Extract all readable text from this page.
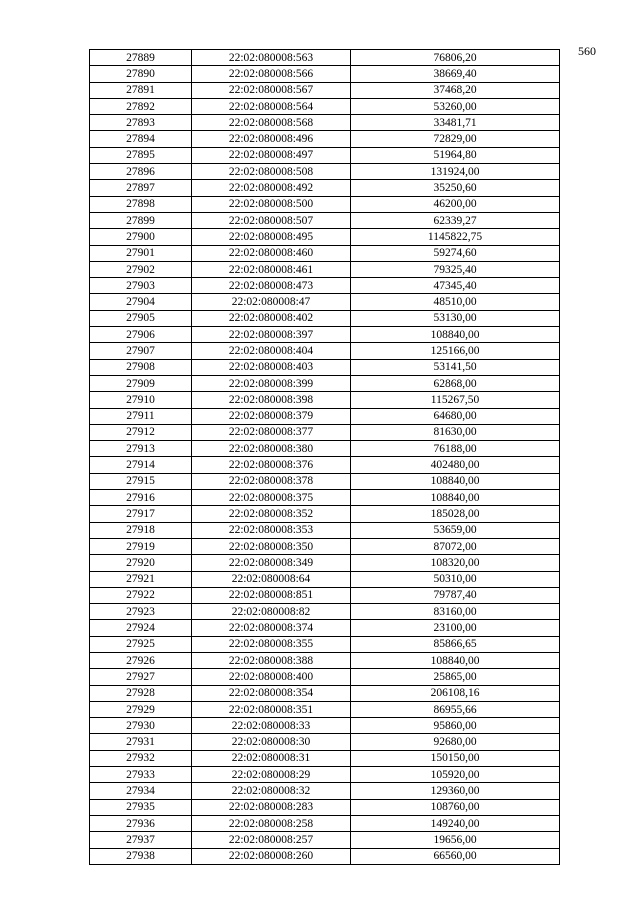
560
27889	22:02:080008:563	76806,20
27890	22:02:080008:566	38669,40
27891	22:02:080008:567	37468,20
27892	22:02:080008:564	53260,00
27893	22:02:080008:568	33481,71
27894	22:02:080008:496	72829,00
27895	22:02:080008:497	51964,80
27896	22:02:080008:508	131924,00
27897	22:02:080008:492	35250,60
27898	22:02:080008:500	46200,00
27899	22:02:080008:507	62339,27
27900	22:02:080008:495	1145822,75
27901	22:02:080008:460	59274,60
27902	22:02:080008:461	79325,40
27903	22:02:080008:473	47345,40
27904	22:02:080008:47	48510,00
27905	22:02:080008:402	53130,00
27906	22:02:080008:397	108840,00
27907	22:02:080008:404	125166,00
27908	22:02:080008:403	53141,50
27909	22:02:080008:399	62868,00
27910	22:02:080008:398	115267,50
27911	22:02:080008:379	64680,00
27912	22:02:080008:377	81630,00
27913	22:02:080008:380	76188,00
27914	22:02:080008:376	402480,00
27915	22:02:080008:378	108840,00
27916	22:02:080008:375	108840,00
27917	22:02:080008:352	185028,00
27918	22:02:080008:353	53659,00
27919	22:02:080008:350	87072,00
27920	22:02:080008:349	108320,00
27921	22:02:080008:64	50310,00
27922	22:02:080008:851	79787,40
27923	22:02:080008:82	83160,00
27924	22:02:080008:374	23100,00
27925	22:02:080008:355	85866,65
27926	22:02:080008:388	108840,00
27927	22:02:080008:400	25865,00
27928	22:02:080008:354	206108,16
27929	22:02:080008:351	86955,66
27930	22:02:080008:33	95860,00
27931	22:02:080008:30	92680,00
27932	22:02:080008:31	150150,00
27933	22:02:080008:29	105920,00
27934	22:02:080008:32	129360,00
27935	22:02:080008:283	108760,00
27936	22:02:080008:258	149240,00
27937	22:02:080008:257	19656,00
27938	22:02:080008:260	66560,00
